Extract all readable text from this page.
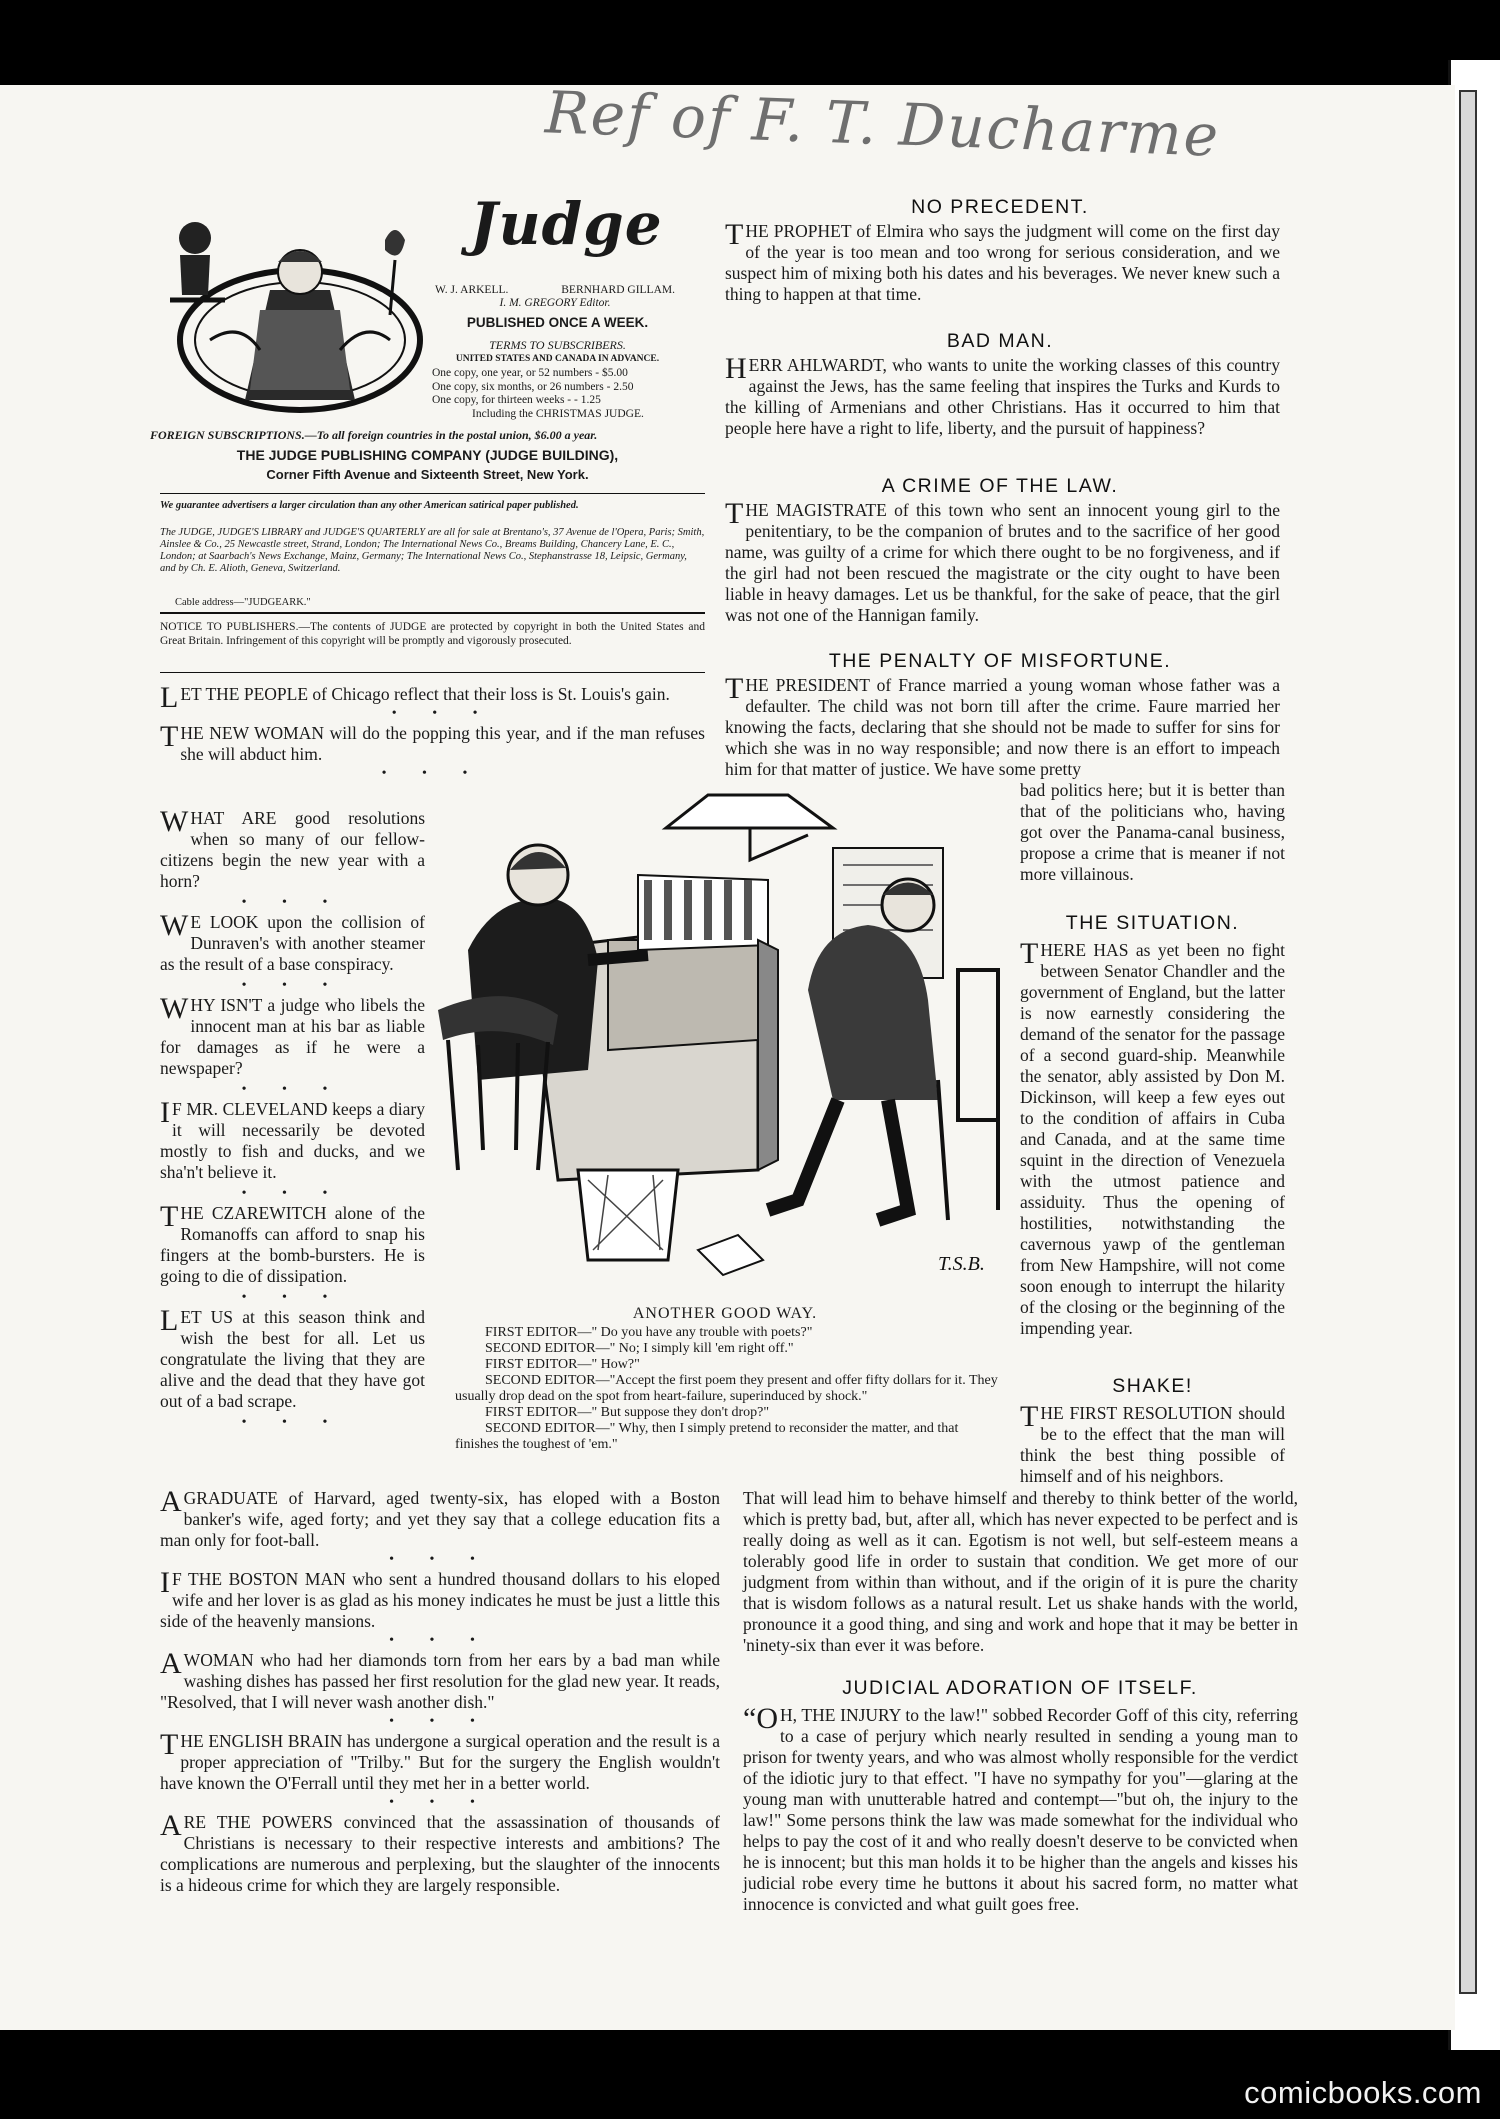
Ref of F. T. Ducharme
Judge
W. J. ARKELL.	BERNHARD GILLAM.
I. M. GREGORY Editor.
PUBLISHED ONCE A WEEK.
TERMS TO SUBSCRIBERS.
UNITED STATES AND CANADA IN ADVANCE.
One copy, one year, or 52 numbers - $5.00
One copy, six months, or 26 numbers - 2.50
One copy, for thirteen weeks - - 1.25
Including the CHRISTMAS JUDGE.
FOREIGN SUBSCRIPTIONS.—To all foreign countries in the postal union, $6.00 a year.
THE JUDGE PUBLISHING COMPANY (JUDGE BUILDING),
Corner Fifth Avenue and Sixteenth Street, New York.
We guarantee advertisers a larger circulation than any other American satirical paper published.
The JUDGE, JUDGE'S LIBRARY and JUDGE'S QUARTERLY are all for sale at Brentano's, 37 Avenue de l'Opera, Paris; Smith, Ainslee & Co., 25 Newcastle street, Strand, London; The International News Co., Breams Building, Chancery Lane, E. C., London; at Saarbach's News Exchange, Mainz, Germany; The International News Co., Stephanstrasse 18, Leipsic, Germany, and by Ch. E. Alioth, Geneva, Switzerland.
Cable address—"JUDGEARK."
NOTICE TO PUBLISHERS.—The contents of JUDGE are protected by copyright in both the United States and Great Britain. Infringement of this copyright will be promptly and vigorously prosecuted.

LET THE PEOPLE of Chicago reflect that their loss is St. Louis's gain.

• • •

THE NEW WOMAN will do the popping this year, and if the man refuses she will abduct him.

• • •

WHAT ARE good resolutions when so many of our fellow-citizens begin the new year with a horn?

• • •

W E LOOK upon the collision of Dunraven's with another steamer as the result of a base conspiracy.

• • •

WHY ISN'T a judge who libels the innocent man at his bar as liable for damages as if he were a newspaper?

• • •

I F MR. CLEVELAND keeps a diary it will necessarily be devoted mostly to fish and ducks, and we sha'n't believe it.

• • •

THE CZAREWITCH alone of the Romanoffs can afford to snap his fingers at the bomb-bursters. He is going to die of dissipation.

• • •

LET US at this season think and wish the best for all. Let us congratulate the living that they are alive and the dead that they have got out of a bad scrape.

• • •

A GRADUATE of Harvard, aged twenty-six, has eloped with a Boston banker's wife, aged forty; and yet they say that a college education fits a man only for foot-ball.

• • •

I F THE BOSTON MAN who sent a hundred thousand dollars to his eloped wife and her lover is as glad as his money indicates he must be just a little this side of the heavenly mansions.

• • •

A WOMAN who had her diamonds torn from her ears by a bad man while washing dishes has passed her first resolution for the glad new year. It reads, "Resolved, that I will never wash another dish."

• • •

THE ENGLISH BRAIN has undergone a surgical operation and the result is a proper appreciation of "Trilby." But for the surgery the English wouldn't have known the O'Ferrall until they met her in a better world.

• • •

ARE THE POWERS convinced that the assassination of thousands of Christians is necessary to their respective interests and ambitions? The complications are numerous and perplexing, but the slaughter of the innocents is a hideous crime for which they are largely responsible.

NO PRECEDENT.

THE PROPHET of Elmira who says the judgment will come on the first day of the year is too mean and too wrong for serious consideration, and we suspect him of mixing both his dates and his beverages. We never knew such a thing to happen at that time.

BAD MAN.

HERR AHLWARDT, who wants to unite the working classes of this country against the Jews, has the same feeling that inspires the Turks and Kurds to the killing of Armenians and other Christians. Has it occurred to him that people here have a right to life, liberty, and the pursuit of happiness?

A CRIME OF THE LAW.

THE MAGISTRATE of this town who sent an innocent young girl to the penitentiary, to be the companion of brutes and to the sacrifice of her good name, was guilty of a crime for which there ought to be no forgiveness, and if the girl had not been rescued the magistrate or the city ought to have been liable in heavy damages. Let us be thankful, for the sake of peace, that the girl was not one of the Hannigan family.

THE PENALTY OF MISFORTUNE.

THE PRESIDENT of France married a young woman whose father was a defaulter. The child was not born till after the crime. Faure married her knowing the facts, declaring that she should not be made to suffer for sins for which she was in no way responsible; and now there is an effort to impeach him for that matter of justice. We have some pretty

bad politics here; but it is better than that of the politicians who, having got over the Panama-canal business, propose a crime that is meaner if not more villainous.
THE SITUATION.

THERE HAS as yet been no fight between Senator Chandler and the government of England, but the latter is now earnestly considering the demand of the senator for the passage of a second guard-ship. Meanwhile the senator, ably assisted by Don M. Dickinson, will keep a few eyes out to the condition of affairs in Cuba and Canada, and at the same time squint in the direction of Venezuela with the utmost patience and assiduity. Thus the opening of hostilities, notwithstanding the cavernous yawp of the gentleman from New Hampshire, will not come soon enough to interrupt the hilarity of the closing or the beginning of the impending year.

SHAKE!

THE FIRST RESOLUTION should be to the effect that the man will think the best thing possible of himself and of his neighbors.

That will lead him to behave himself and thereby to think better of the world, which is pretty bad, but, after all, which has never expected to be perfect and is really doing as well as it can. Egotism is not well, but self-esteem means a tolerably good life in order to sustain that condition. We get more of our judgment from within than without, and if the origin of it is pure the charity that is wisdom follows as a natural result. Let us shake hands with the world, pronounce it a good thing, and sing and work and hope that it may be better in 'ninety-six than ever it was before.
JUDICIAL ADORATION OF ITSELF.

“O H, THE INJURY to the law!" sobbed Recorder Goff of this city, referring to a case of perjury which nearly resulted in sending a young man to prison for twenty years, and who was almost wholly responsible for the verdict of the idiotic jury to that effect. "I have no sympathy for you"—glaring at the young man with unutterable hatred and contempt—"but oh, the injury to the law!" Some persons think the law was made somewhat for the individual who helps to pay the cost of it and who really doesn't deserve to be convicted when he is innocent; but this man holds it to be higher than the angels and kisses his judicial robe every time he buttons it about his sacred form, no matter what innocence is convicted and what guilt goes free.

T.S.B.
ANOTHER GOOD WAY.
FIRST EDITOR—" Do you have any trouble with poets?"
SECOND EDITOR—" No; I simply kill 'em right off."
FIRST EDITOR—" How?"
SECOND EDITOR—"Accept the first poem they present and offer fifty dollars for it. They usually drop dead on the spot from heart-failure, superinduced by shock."
FIRST EDITOR—" But suppose they don't drop?"
SECOND EDITOR—" Why, then I simply pretend to reconsider the matter, and that finishes the toughest of 'em."
comicbooks.com
